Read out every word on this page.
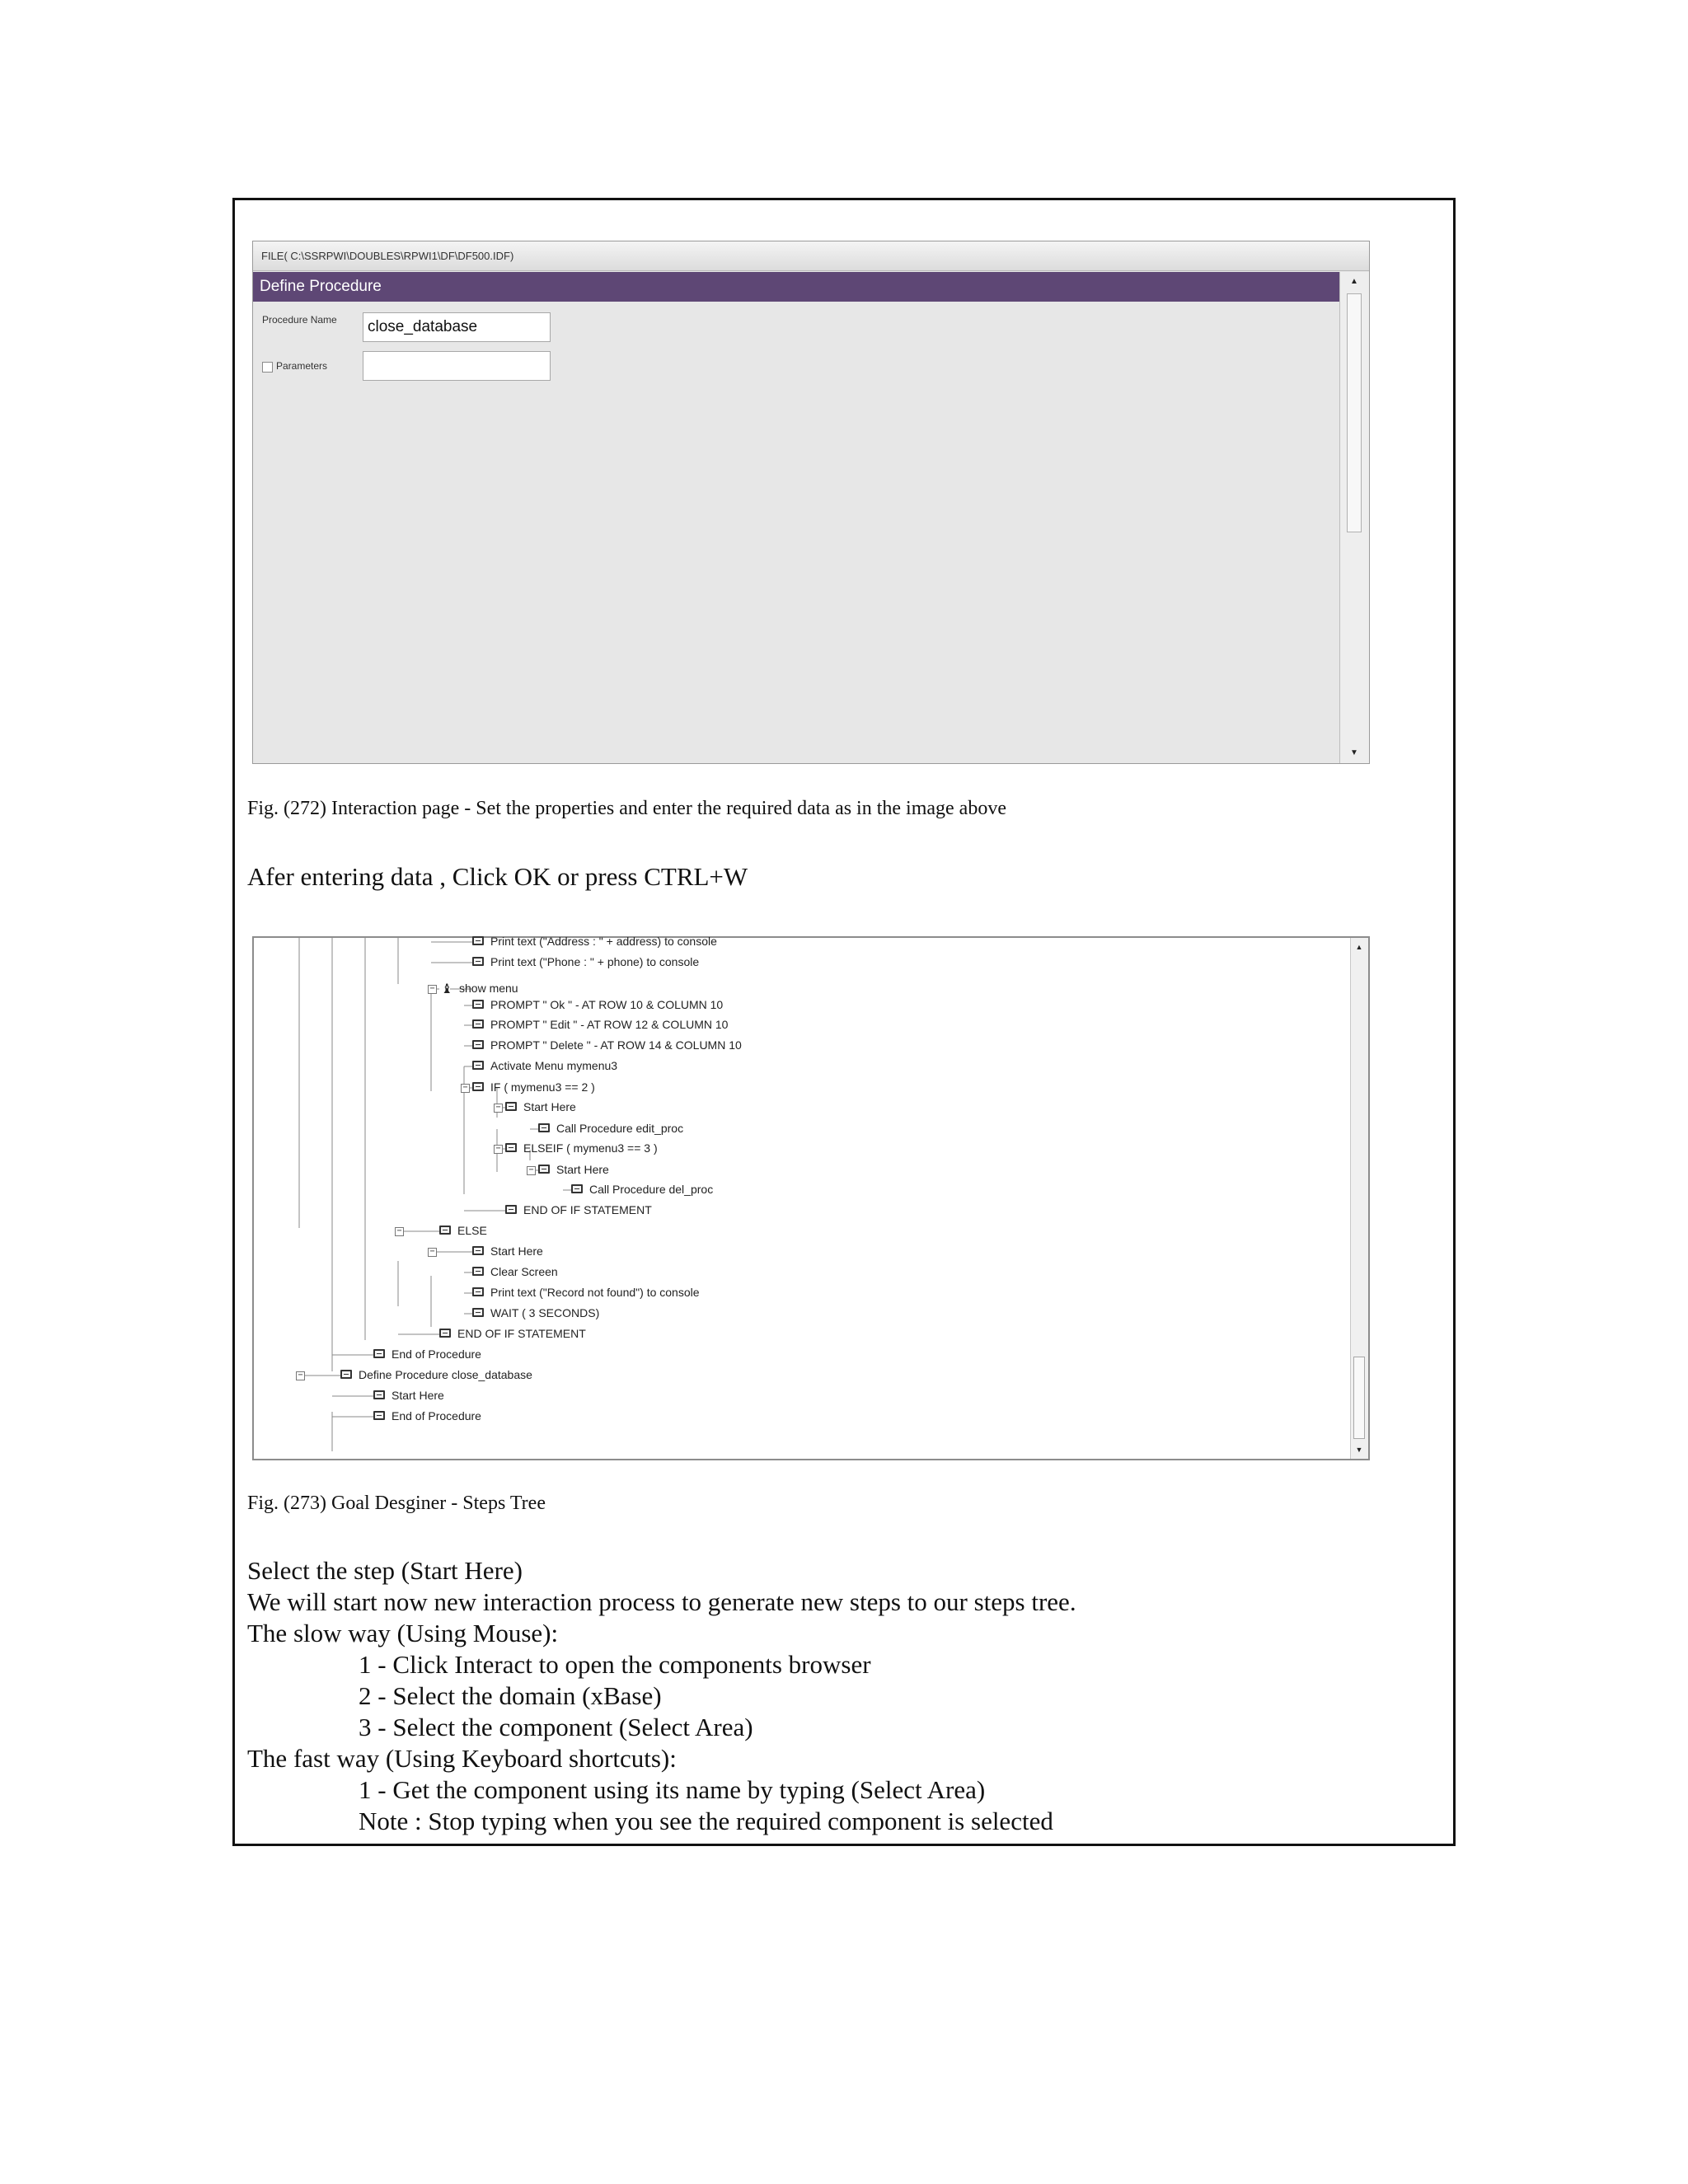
FILE( C:\SSRPWI\DOUBLES\RPWI1\DF\DF500.IDF)
Define Procedure	▲
▼
Procedure Name	close_database
Parameters
Fig. (272) Interaction page - Set the properties and enter the required data as in the image above
Afer entering data , Click OK or press CTRL+W
−
−
−
−
−
−
−
−
Print text ("Address : " + address) to console
Print text ("Phone : " + phone) to console
♝ show menu
PROMPT " Ok " - AT ROW 10 & COLUMN 10
PROMPT " Edit " - AT ROW 12 & COLUMN 10
PROMPT " Delete " - AT ROW 14 & COLUMN 10
Activate Menu mymenu3
IF ( mymenu3 == 2 )
Start Here
Call Procedure edit_proc
ELSEIF ( mymenu3 == 3 )
Start Here
Call Procedure del_proc
END OF IF STATEMENT
ELSE
Start Here
Clear Screen
Print text ("Record not found") to console
WAIT ( 3 SECONDS)
END OF IF STATEMENT
End of Procedure
Define Procedure close_database
Start Here
End of Procedure
▲
▼
Fig. (273) Goal Desginer - Steps Tree
Select the step (Start Here)
We will start now new interaction process to generate new steps to our steps tree.
The slow way (Using Mouse):
1 - Click Interact to open the components browser
2 - Select the domain (xBase)
3 - Select the component (Select Area)
The fast way (Using Keyboard shortcuts):
1 - Get the component using its name by typing (Select Area)
Note : Stop typing when you see the required component is selected
